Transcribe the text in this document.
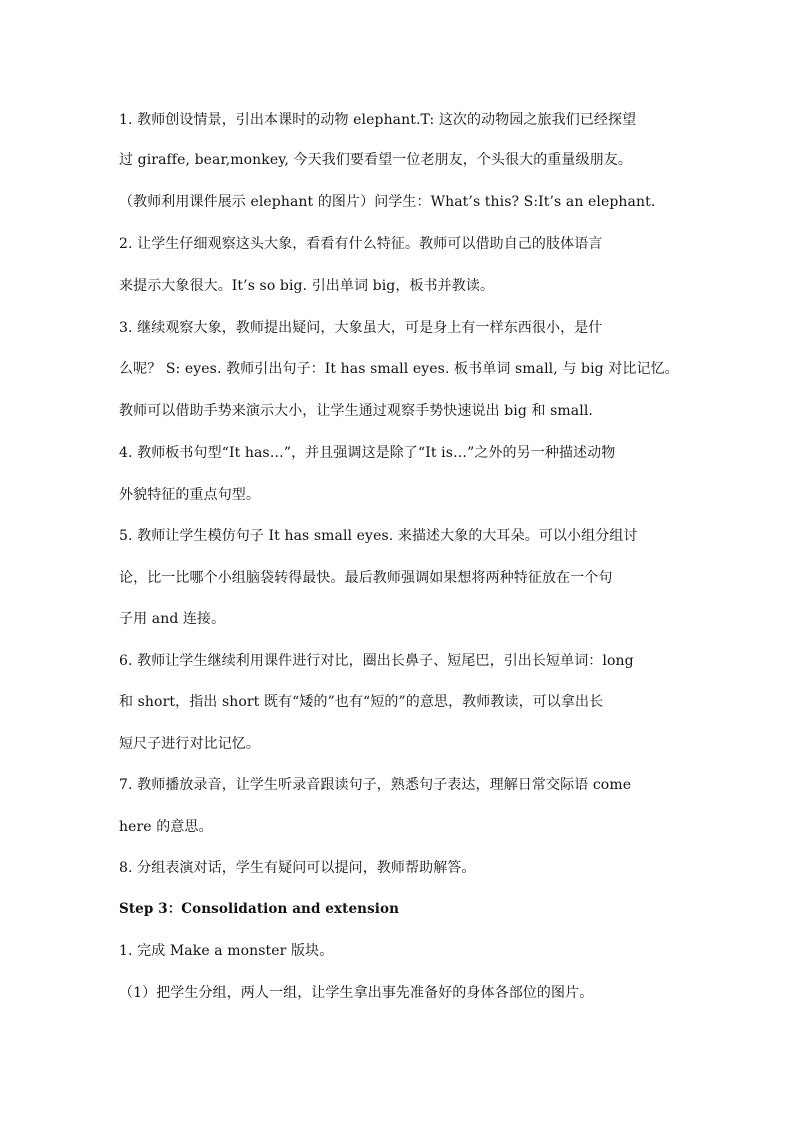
1. 教师创设情景，引出本课时的动物 elephant.T: 这次的动物园之旅我们已经探望
过 giraffe, bear,monkey, 今天我们要看望一位老朋友，个头很大的重量级朋友。
（教师利用课件展示 elephant 的图片）问学生：What’s this? S:It’s an elephant.
2. 让学生仔细观察这头大象，看看有什么特征。教师可以借助自己的肢体语言
来提示大象很大。It’s so big. 引出单词 big，板书并教读。
3. 继续观察大象，教师提出疑问，大象虽大，可是身上有一样东西很小，是什
么呢？ S: eyes. 教师引出句子：It has small eyes. 板书单词 small, 与 big 对比记忆。
教师可以借助手势来演示大小，让学生通过观察手势快速说出 big 和 small.
4. 教师板书句型“It has…”，并且强调这是除了“It is…”之外的另一种描述动物
外貌特征的重点句型。
5. 教师让学生模仿句子 It has small eyes. 来描述大象的大耳朵。可以小组分组讨
论，比一比哪个小组脑袋转得最快。最后教师强调如果想将两种特征放在一个句
子用 and 连接。
6. 教师让学生继续利用课件进行对比，圈出长鼻子、短尾巴，引出长短单词：long
和 short，指出 short 既有“矮的”也有“短的”的意思，教师教读，可以拿出长
短尺子进行对比记忆。
7. 教师播放录音，让学生听录音跟读句子，熟悉句子表达，理解日常交际语 come
here 的意思。
8. 分组表演对话，学生有疑问可以提问，教师帮助解答。
Step 3：Consolidation and extension
1. 完成 Make a monster 版块。
（1）把学生分组，两人一组，让学生拿出事先准备好的身体各部位的图片。
